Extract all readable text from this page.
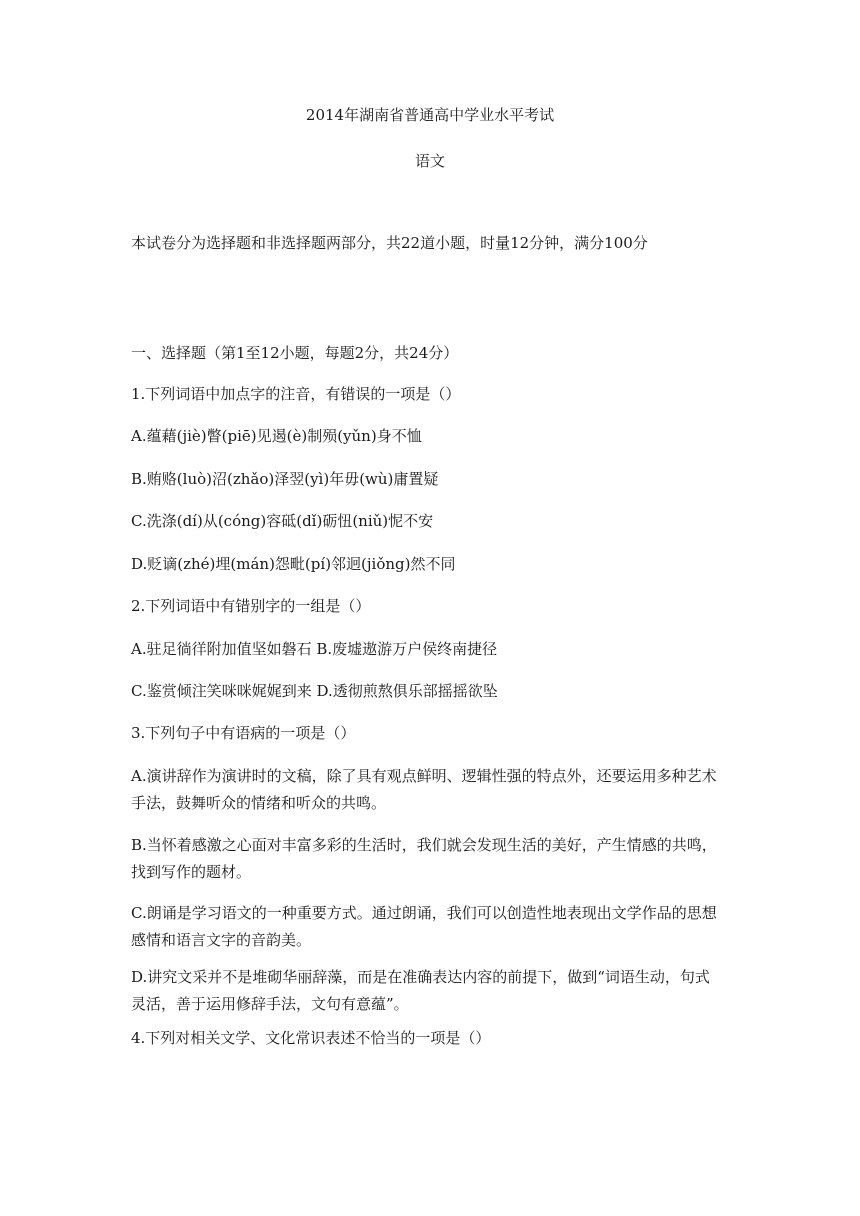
2014年湖南省普通高中学业水平考试
语文
本试卷分为选择题和非选择题两部分，共22道小题，时量12分钟，满分100分
一、选择题（第1至12小题，每题2分，共24分）
1.下列词语中加点字的注音，有错误的一项是（）
A.蕴藉(jiè)瞥(piē)见遏(è)制殒(yǔn)身不恤
B.贿赂(luò)沼(zhǎo)泽翌(yì)年毋(wù)庸置疑
C.洗涤(dí)从(cóng)容砥(dǐ)砺忸(niǔ)怩不安
D.贬谪(zhé)埋(mán)怨毗(pí)邻迥(jiǒng)然不同
2.下列词语中有错别字的一组是（）
A.驻足徜徉附加值坚如磐石 B.废墟遨游万户侯终南捷径
C.鉴赏倾注笑咪咪娓娓到来 D.透彻煎熬俱乐部摇摇欲坠
3.下列句子中有语病的一项是（）
A.演讲辞作为演讲时的文稿，除了具有观点鲜明、逻辑性强的特点外，还要运用多种艺术手法，鼓舞听众的情绪和听众的共鸣。
B.当怀着感激之心面对丰富多彩的生活时，我们就会发现生活的美好，产生情感的共鸣，找到写作的题材。
C.朗诵是学习语文的一种重要方式。通过朗诵，我们可以创造性地表现出文学作品的思想感情和语言文字的音韵美。
D.讲究文采并不是堆砌华丽辞藻，而是在准确表达内容的前提下，做到“词语生动，句式灵活，善于运用修辞手法，文句有意蕴”。
4.下列对相关文学、文化常识表述不恰当的一项是（）
